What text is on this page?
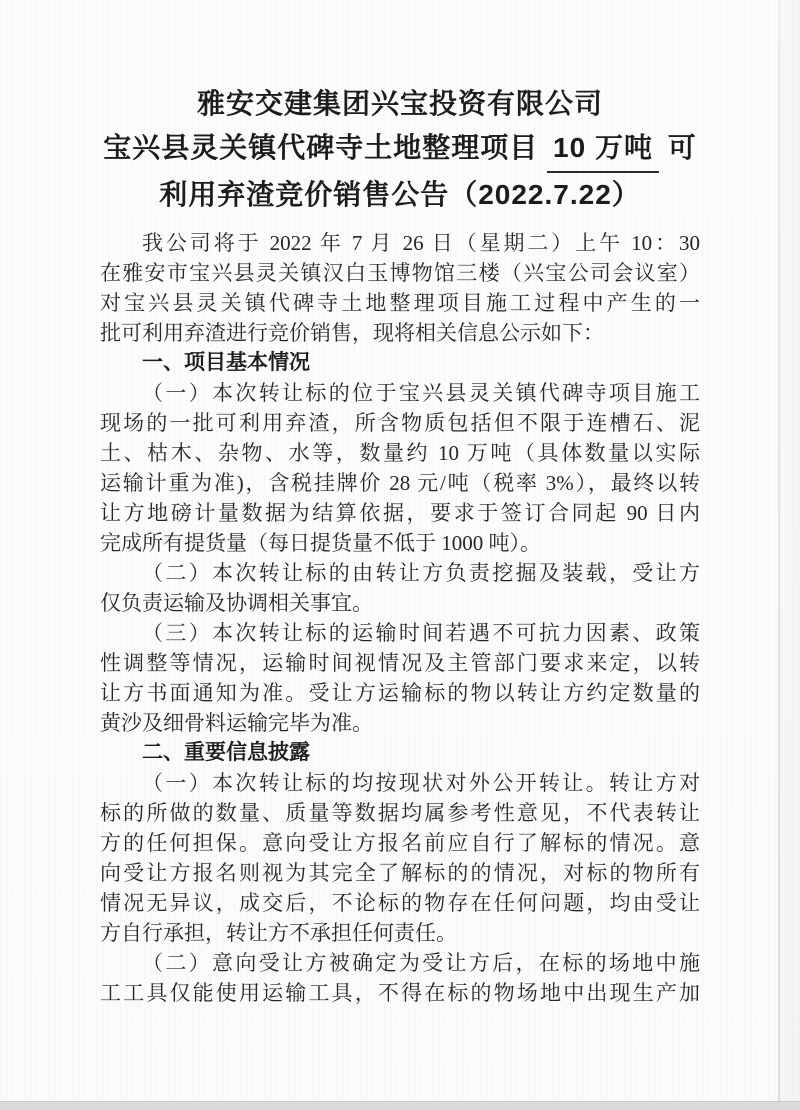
雅安交建集团兴宝投资有限公司
宝兴县灵关镇代碑寺土地整理项目 10 万吨 可
利用弃渣竞价销售公告（2022.7.22）
我公司将于 2022 年 7 月 26 日（星期二）上午 10：30
在雅安市宝兴县灵关镇汉白玉博物馆三楼（兴宝公司会议室）
对宝兴县灵关镇代碑寺土地整理项目施工过程中产生的一
批可利用弃渣进行竞价销售，现将相关信息公示如下：
一、项目基本情况
（一）本次转让标的位于宝兴县灵关镇代碑寺项目施工
现场的一批可利用弃渣，所含物质包括但不限于连槽石、泥
土、枯木、杂物、水等，数量约 10 万吨（具体数量以实际
运输计重为准)，含税挂牌价 28 元/吨（税率 3%），最终以转
让方地磅计量数据为结算依据，要求于签订合同起 90 日内
完成所有提货量（每日提货量不低于 1000 吨）。
（二）本次转让标的由转让方负责挖掘及装载，受让方
仅负责运输及协调相关事宜。
（三）本次转让标的运输时间若遇不可抗力因素、政策
性调整等情况，运输时间视情况及主管部门要求来定，以转
让方书面通知为准。受让方运输标的物以转让方约定数量的
黄沙及细骨料运输完毕为准。
二、重要信息披露
（一）本次转让标的均按现状对外公开转让。转让方对
标的所做的数量、质量等数据均属参考性意见，不代表转让
方的任何担保。意向受让方报名前应自行了解标的情况。意
向受让方报名则视为其完全了解标的的情况，对标的物所有
情况无异议，成交后，不论标的物存在任何问题，均由受让
方自行承担，转让方不承担任何责任。
（二）意向受让方被确定为受让方后，在标的场地中施
工工具仅能使用运输工具，不得在标的物场地中出现生产加
